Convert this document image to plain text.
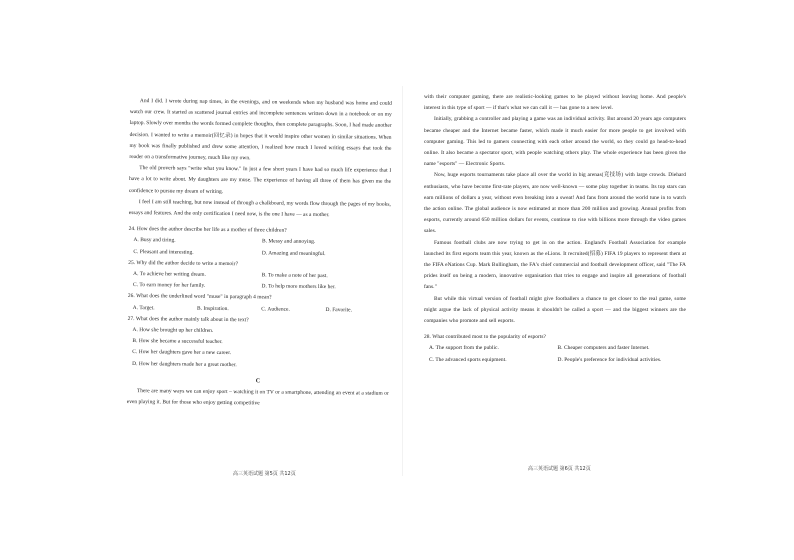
And I did. I wrote during nap times, in the evenings, and on weekends when my husband was home and could watch our crew. It started as scattered journal entries and incomplete sentences written down in a notebook or on my laptop. Slowly over months the words formed complete thoughts, then complete paragraphs. Soon, I had made another decision. I wanted to write a memoir(回忆录) in hopes that it would inspire other women in similar situations. When my book was finally published and drew some attention, I realized how much I loved writing essays that took the reader on a transformative journey, much like my own.

The old proverb says "write what you know." In just a few short years I have had so much life experience that I have a lot to write about. My daughters are my muse. The experience of having all three of them has given me the confidence to pursue my dream of writing.

I feel I am still teaching, but now instead of through a chalkboard, my words flow through the pages of my books, essays and features. And the only certification I need now, is the one I have — as a mother.

24. How does the author describe her life as a mother of three children?

A. Busy and tiring.	B. Messy and annoying.
C. Pleasant and interesting.	D. Amazing and meaningful.

25. Why did the author decide to write a memoir?

A. To achieve her writing dream.	B. To make a note of her past.
C. To earn money for her family.	D. To help more mothers like her.

26. What does the underlined word "muse" in paragraph 4 mean?

A. Target.	B. Inspiration.	C. Audience.	D. Favorite.

27. What does the author mainly talk about in the text?

A. How she brought up her children.
B. How she became a successful teacher.
C. How her daughters gave her a new career.
D. How her daughters made her a great mother.
C

There are many ways we can enjoy sport – watching it on TV or a smartphone, attending an event at a stadium or even playing it. But for those who enjoy getting competitive

高三英语试题 第5页 共12页

with their computer gaming, there are realistic-looking games to be played without leaving home. And people's interest in this type of sport — if that's what we can call it — has gone to a new level.

Initially, grabbing a controller and playing a game was an individual activity. But around 20 years ago computers became cheaper and the Internet became faster, which made it much easier for more people to get involved with computer gaming. This led to gamers connecting with each other around the world, so they could go head-to-head online. It also became a spectator sport, with people watching others play. The whole experience has been given the name "esports" — Electronic Sports.

Now, huge esports tournaments take place all over the world in big arenas(竞技场) with large crowds. Diehard enthusiasts, who have become first-rate players, are now well-known — some play together in teams. Its top stars can earn millions of dollars a year, without even breaking into a sweat! And fans from around the world tune in to watch the action online. The global audience is now estimated at more than 200 million and growing. Annual profits from esports, currently around 650 million dollars for events, continue to rise with billions more through the video games sales.

Famous football clubs are now trying to get in on the action. England's Football Association for example launched its first esports team this year, known as the eLions. It recruited(招募) FIFA 19 players to represent them at the FIFA eNations Cup. Mark Bullingham, the FA's chief commercial and football development officer, said "The FA prides itself on being a modern, innovative organisation that tries to engage and inspire all generations of football fans."

But while this virtual version of football might give footballers a chance to get closer to the real game, some might argue the lack of physical activity means it shouldn't be called a sport — and the biggest winners are the companies who promote and sell esports.

28. What contributed most to the popularity of esports?

A. The support from the public.	B. Cheaper computers and faster Internet.
C. The advanced sports equipment.	D. People's preference for individual activities.
高三英语试题 第6页 共12页
